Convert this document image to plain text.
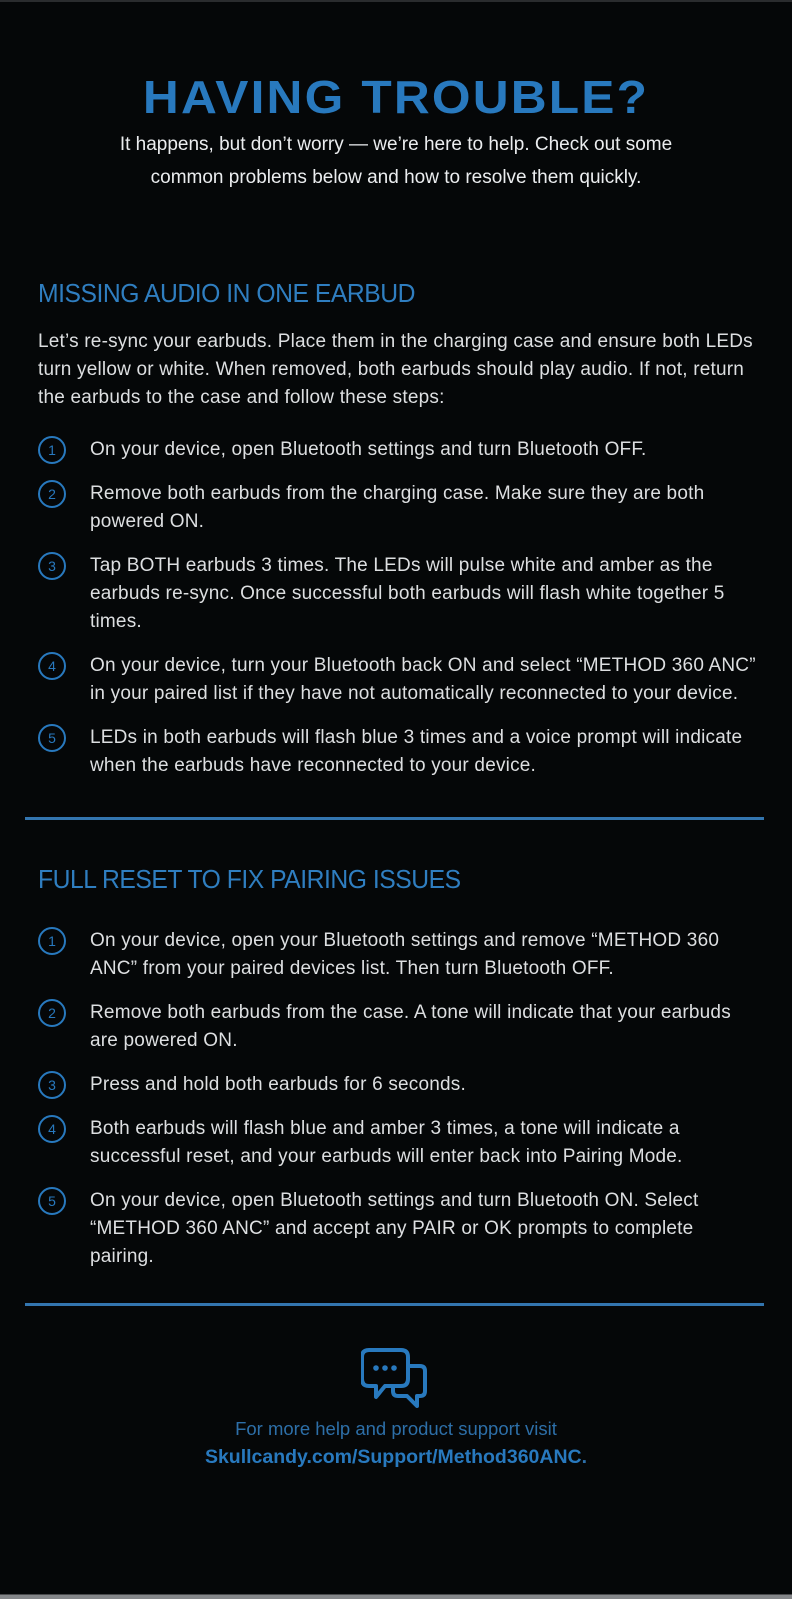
HAVING TROUBLE?

It happens, but don’t worry — we’re here to help. Check out some
common problems below and how to resolve them quickly.

MISSING AUDIO IN ONE EARBUD

Let’s re-sync your earbuds. Place them in the charging case and ensure both LEDs turn yellow or white. When removed, both earbuds should play audio. If not, return the earbuds to the case and follow these steps:

1	On your device, open Bluetooth settings and turn Bluetooth OFF.
2	Remove both earbuds from the charging case. Make sure they are both powered ON.
3	Tap BOTH earbuds 3 times. The LEDs will pulse white and amber as the earbuds re-sync. Once successful both earbuds will flash white together 5 times.
4	On your device, turn your Bluetooth back ON and select “METHOD 360 ANC” in your paired list if they have not automatically reconnected to your device.
5	LEDs in both earbuds will flash blue 3 times and a voice prompt will indicate when the earbuds have reconnected to your device.
FULL RESET TO FIX PAIRING ISSUES
1	On your device, open your Bluetooth settings and remove “METHOD 360 ANC” from your paired devices list. Then turn Bluetooth OFF.
2	Remove both earbuds from the case. A tone will indicate that your earbuds are powered ON.
3	Press and hold both earbuds for 6 seconds.
4	Both earbuds will flash blue and amber 3 times, a tone will indicate a successful reset, and your earbuds will enter back into Pairing Mode.
5	On your device, open Bluetooth settings and turn Bluetooth ON. Select “METHOD 360 ANC” and accept any PAIR or OK prompts to complete pairing.

For more help and product support visit

Skullcandy.com/Support/Method360ANC.
